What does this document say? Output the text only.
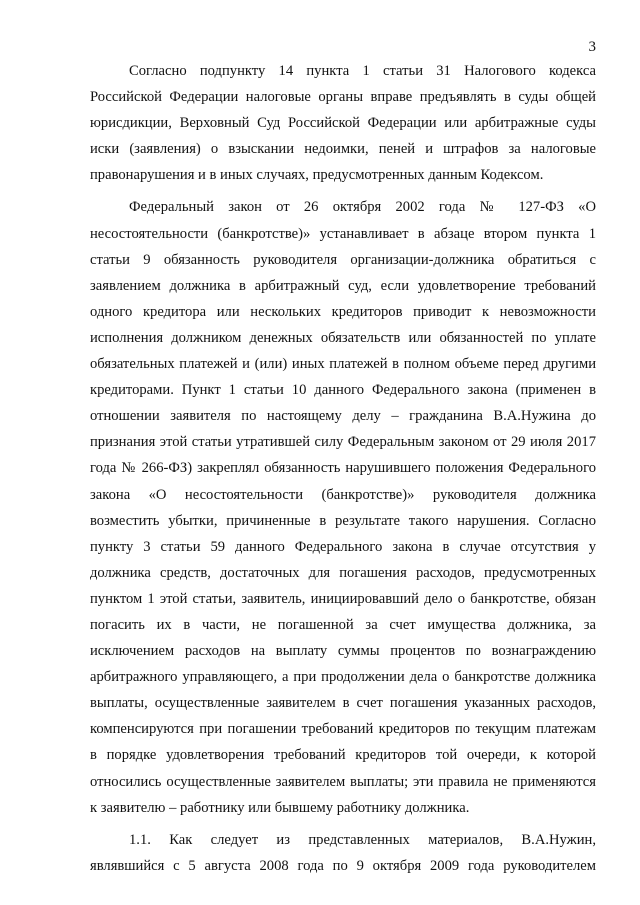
3
Согласно подпункту 14 пункта 1 статьи 31 Налогового кодекса
Российской Федерации налоговые органы вправе предъявлять в суды общей
юрисдикции, Верховный Суд Российской Федерации или арбитражные суды
иски (заявления) о взыскании недоимки, пеней и штрафов за налоговые
правонарушения и в иных случаях, предусмотренных данным Кодексом.
Федеральный закон от 26 октября 2002 года № 127-ФЗ «О
несостоятельности (банкротстве)» устанавливает в абзаце втором пункта 1
статьи 9 обязанность руководителя организации-должника обратиться с
заявлением должника в арбитражный суд, если удовлетворение требований
одного кредитора или нескольких кредиторов приводит к невозможности
исполнения должником денежных обязательств или обязанностей по уплате
обязательных платежей и (или) иных платежей в полном объеме перед другими
кредиторами. Пункт 1 статьи 10 данного Федерального закона (применен в
отношении заявителя по настоящему делу – гражданина В.А.Нужина до
признания этой статьи утратившей силу Федеральным законом от 29 июля 2017
года № 266-ФЗ) закреплял обязанность нарушившего положения Федерального
закона «О несостоятельности (банкротстве)» руководителя должника
возместить убытки, причиненные в результате такого нарушения. Согласно
пункту 3 статьи 59 данного Федерального закона в случае отсутствия у
должника средств, достаточных для погашения расходов, предусмотренных
пунктом 1 этой статьи, заявитель, инициировавший дело о банкротстве, обязан
погасить их в части, не погашенной за счет имущества должника, за
исключением расходов на выплату суммы процентов по вознаграждению
арбитражного управляющего, а при продолжении дела о банкротстве должника
выплаты, осуществленные заявителем в счет погашения указанных расходов,
компенсируются при погашении требований кредиторов по текущим платежам
в порядке удовлетворения требований кредиторов той очереди, к которой
относились осуществленные заявителем выплаты; эти правила не применяются
к заявителю – работнику или бывшему работнику должника.
1.1. Как следует из представленных материалов, В.А.Нужин,
являвшийся с 5 августа 2008 года по 9 октября 2009 года руководителем
